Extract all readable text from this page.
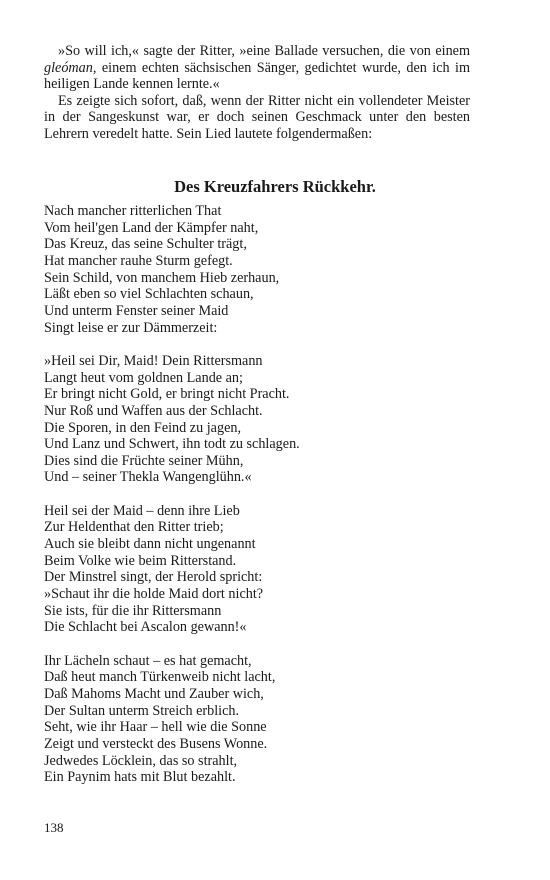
»So will ich,« sagte der Ritter, »eine Ballade versuchen, die von einem gleóman, einem echten sächsischen Sänger, gedichtet wurde, den ich im heiligen Lande kennen lernte.«

Es zeigte sich sofort, daß, wenn der Ritter nicht ein vollendeter Meister in der Sangeskunst war, er doch seinen Geschmack unter den besten Lehrern veredelt hatte. Sein Lied lautete folgendermaßen:

Des Kreuzfahrers Rückkehr.
Nach mancher ritterlichen That
Vom heil'gen Land der Kämpfer naht,
Das Kreuz, das seine Schulter trägt,
Hat mancher rauhe Sturm gefegt.
Sein Schild, von manchem Hieb zerhaun,
Läßt eben so viel Schlachten schaun,
Und unterm Fenster seiner Maid
Singt leise er zur Dämmerzeit:
»Heil sei Dir, Maid! Dein Rittersmann
Langt heut vom goldnen Lande an;
Er bringt nicht Gold, er bringt nicht Pracht.
Nur Roß und Waffen aus der Schlacht.
Die Sporen, in den Feind zu jagen,
Und Lanz und Schwert, ihn todt zu schlagen.
Dies sind die Früchte seiner Mühn,
Und – seiner Thekla Wangenglühn.«
Heil sei der Maid – denn ihre Lieb
Zur Heldenthat den Ritter trieb;
Auch sie bleibt dann nicht ungenannt
Beim Volke wie beim Ritterstand.
Der Minstrel singt, der Herold spricht:
»Schaut ihr die holde Maid dort nicht?
Sie ists, für die ihr Rittersmann
Die Schlacht bei Ascalon gewann!«
Ihr Lächeln schaut – es hat gemacht,
Daß heut manch Türkenweib nicht lacht,
Daß Mahoms Macht und Zauber wich,
Der Sultan unterm Streich erblich.
Seht, wie ihr Haar – hell wie die Sonne
Zeigt und versteckt des Busens Wonne.
Jedwedes Löcklein, das so strahlt,
Ein Paynim hats mit Blut bezahlt.
138
